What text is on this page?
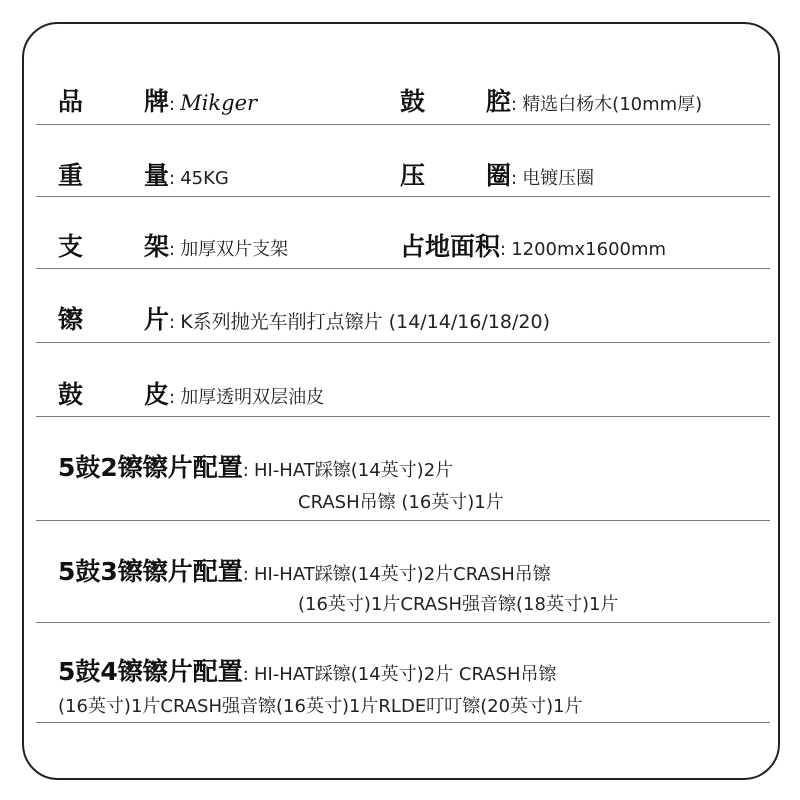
品 牌: Mikger	鼓 腔: 精选白杨木(10mm厚)
重 量: 45KG	压 圈: 电镀压圈
支 架: 加厚双片支架	占地面积: 1200mx1600mm
镲 片: K系列抛光车削打点镲片 (14/14/16/18/20)
鼓 皮: 加厚透明双层油皮
5鼓2镲镲片配置: HI-HAT踩镲(14英寸)2片
CRASH吊镲 (16英寸)1片
5鼓3镲镲片配置: HI-HAT踩镲(14英寸)2片CRASH吊镲
(16英寸)1片CRASH强音镲(18英寸)1片
5鼓4镲镲片配置: HI-HAT踩镲(14英寸)2片 CRASH吊镲
(16英寸)1片CRASH强音镲(16英寸)1片RLDE叮叮镲(20英寸)1片
